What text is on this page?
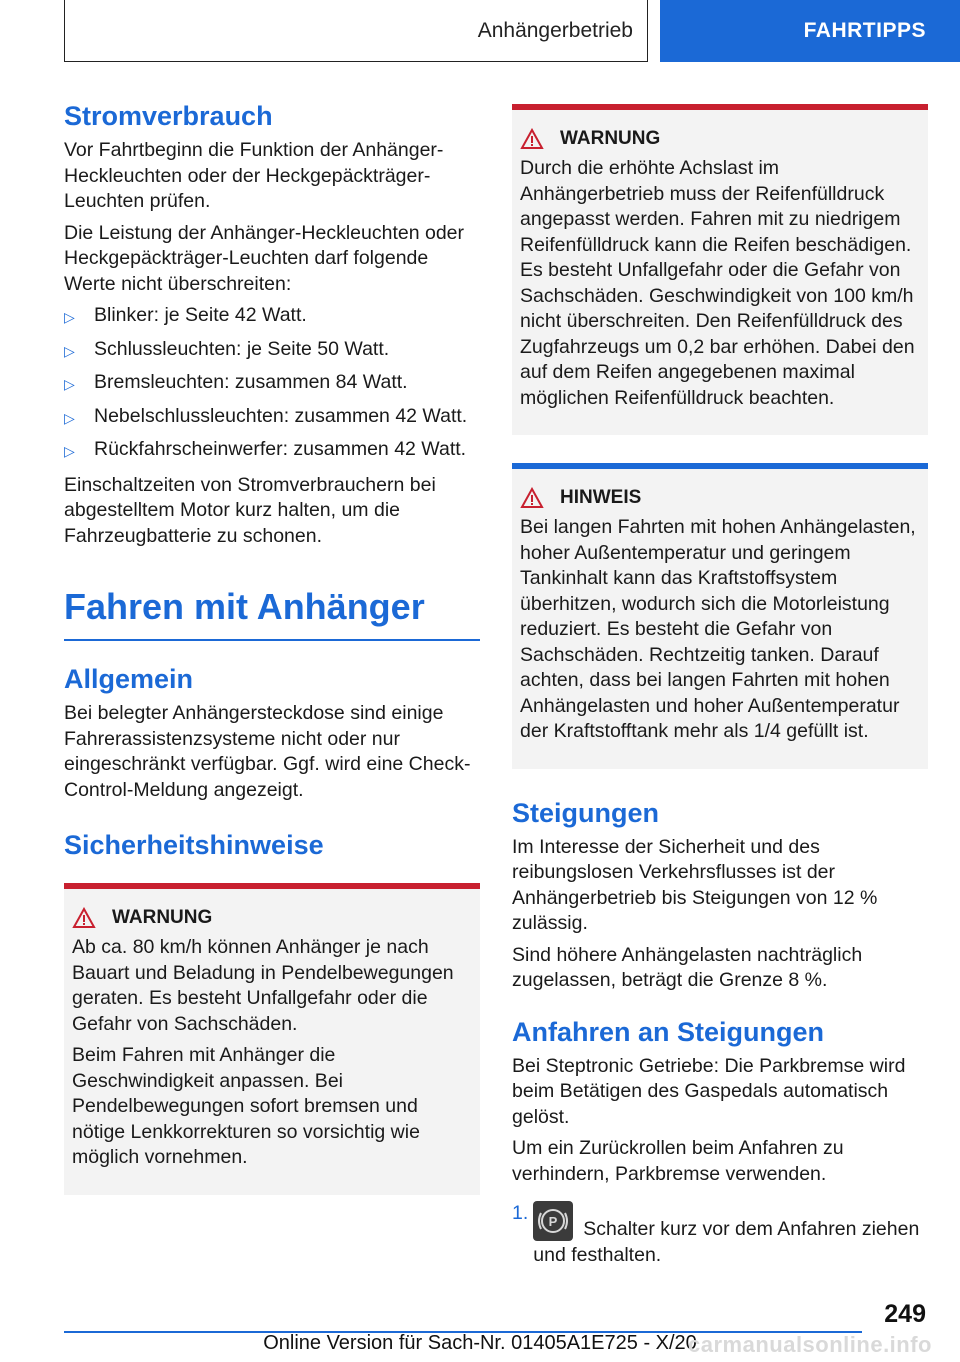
Anhängerbetrieb	FAHRTIPPS
Stromverbrauch

Vor Fahrtbeginn die Funktion der Anhänger-Heckleuchten oder der Heckgepäckträger-Leuchten prüfen.

Die Leistung der Anhänger-Heckleuchten oder Heckgepäckträger-Leuchten darf folgende Werte nicht überschreiten:

▷ Blinker: je Seite 42 Watt.
▷ Schlussleuchten: je Seite 50 Watt.
▷ Bremsleuchten: zusammen 84 Watt.
▷ Nebelschlussleuchten: zusammen 42 Watt.
▷ Rückfahrscheinwerfer: zusammen 42 Watt.

Einschaltzeiten von Stromverbrauchern bei abgestelltem Motor kurz halten, um die Fahrzeugbatterie zu schonen.

Fahren mit Anhänger
Allgemein

Bei belegter Anhängersteckdose sind einige Fahrerassistenzsysteme nicht oder nur eingeschränkt verfügbar. Ggf. wird eine Check-Control-Meldung angezeigt.

Sicherheitshinweise
WARNUNG

Ab ca. 80 km/h können Anhänger je nach Bauart und Beladung in Pendelbewegungen geraten. Es besteht Unfallgefahr oder die Gefahr von Sachschäden.

Beim Fahren mit Anhänger die Geschwindigkeit anpassen. Bei Pendelbewegungen sofort bremsen und nötige Lenkkorrekturen so vorsichtig wie möglich vornehmen.

WARNUNG

Durch die erhöhte Achslast im Anhängerbetrieb muss der Reifenfülldruck angepasst werden. Fahren mit zu niedrigem Reifenfülldruck kann die Reifen beschädigen. Es besteht Unfallgefahr oder die Gefahr von Sachschäden. Geschwindigkeit von 100 km/h nicht überschreiten. Den Reifenfülldruck des Zugfahrzeugs um 0,2 bar erhöhen. Dabei den auf dem Reifen angegebenen maximal möglichen Reifenfülldruck beachten.

HINWEIS

Bei langen Fahrten mit hohen Anhängelasten, hoher Außentemperatur und geringem Tankinhalt kann das Kraftstoffsystem überhitzen, wodurch sich die Motorleistung reduziert. Es besteht die Gefahr von Sachschäden. Rechtzeitig tanken. Darauf achten, dass bei langen Fahrten mit hohen Anhängelasten und hoher Außentemperatur der Kraftstofftank mehr als 1/4 gefüllt ist.

Steigungen

Im Interesse der Sicherheit und des reibungslosen Verkehrsflusses ist der Anhängerbetrieb bis Steigungen von 12 % zulässig.

Sind höhere Anhängelasten nachträglich zugelassen, beträgt die Grenze 8 %.

Anfahren an Steigungen

Bei Steptronic Getriebe: Die Parkbremse wird beim Betätigen des Gaspedals automatisch gelöst.

Um ein Zurückrollen beim Anfahren zu verhindern, Parkbremse verwenden.

1.	P Schalter kurz vor dem Anfahren ziehen und festhalten.
249
Online Version für Sach-Nr. 01405A1E725 - X/20
carmanualsonline.info
